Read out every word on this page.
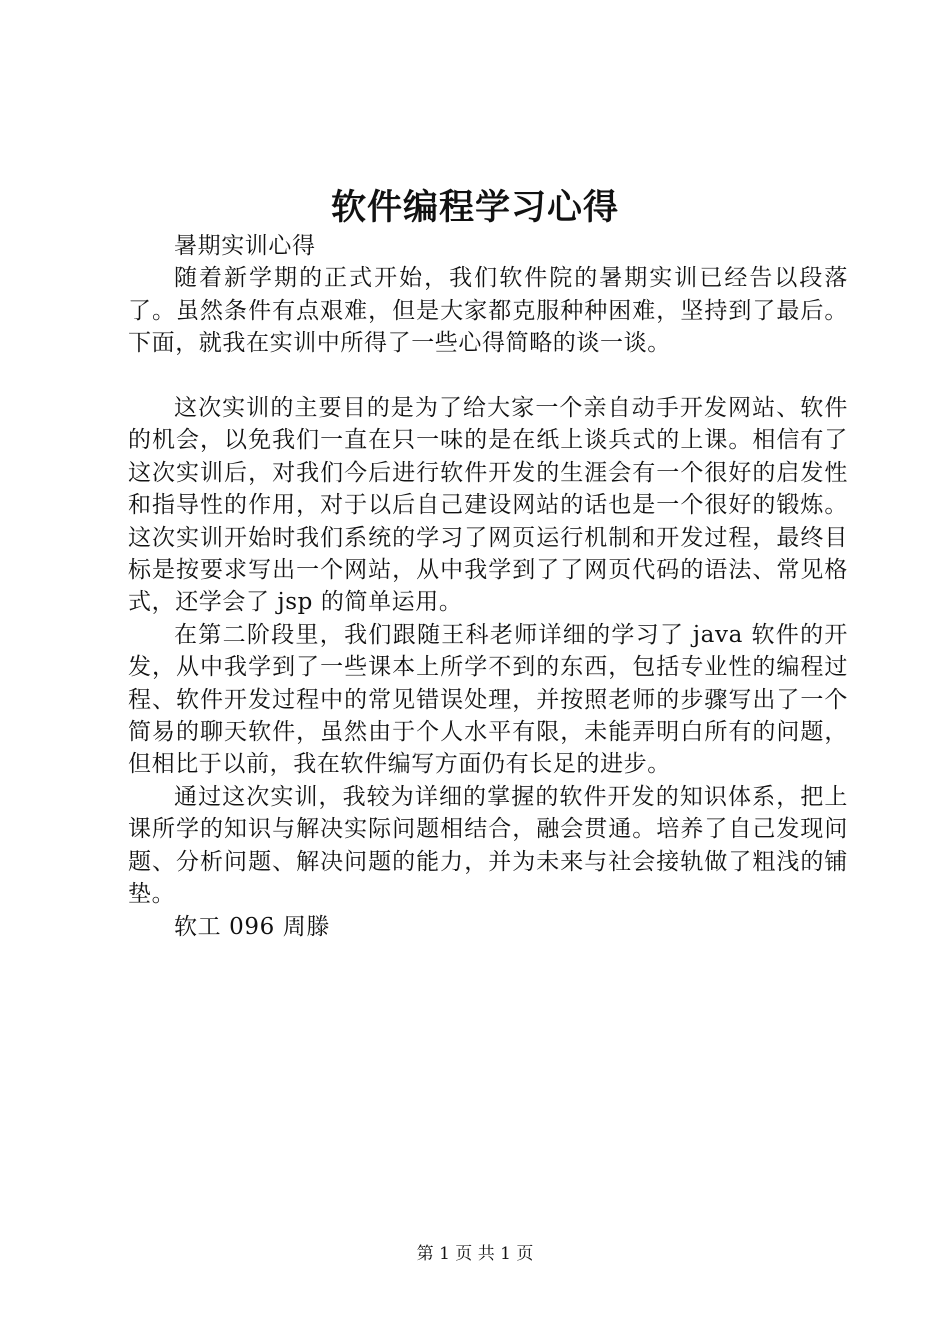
软件编程学习心得

暑期实训心得

随着新学期的正式开始，我们软件院的暑期实训已经告以段落了。虽然条件有点艰难，但是大家都克服种种困难，坚持到了最后。下面，就我在实训中所得了一些心得简略的谈一谈。

这次实训的主要目的是为了给大家一个亲自动手开发网站、软件的机会，以免我们一直在只一味的是在纸上谈兵式的上课。相信有了这次实训后，对我们今后进行软件开发的生涯会有一个很好的启发性和指导性的作用，对于以后自己建设网站的话也是一个很好的锻炼。这次实训开始时我们系统的学习了网页运行机制和开发过程，最终目标是按要求写出一个网站，从中我学到了了网页代码的语法、常见格式，还学会了 jsp 的简单运用。

在第二阶段里，我们跟随王科老师详细的学习了 java 软件的开发，从中我学到了一些课本上所学不到的东西，包括专业性的编程过程、软件开发过程中的常见错误处理，并按照老师的步骤写出了一个简易的聊天软件，虽然由于个人水平有限，未能弄明白所有的问题，但相比于以前，我在软件编写方面仍有长足的进步。

通过这次实训，我较为详细的掌握的软件开发的知识体系，把上课所学的知识与解决实际问题相结合，融会贯通。培养了自己发现问题、分析问题、解决问题的能力，并为未来与社会接轨做了粗浅的铺垫。

软工 096 周滕

第 1 页 共 1 页
